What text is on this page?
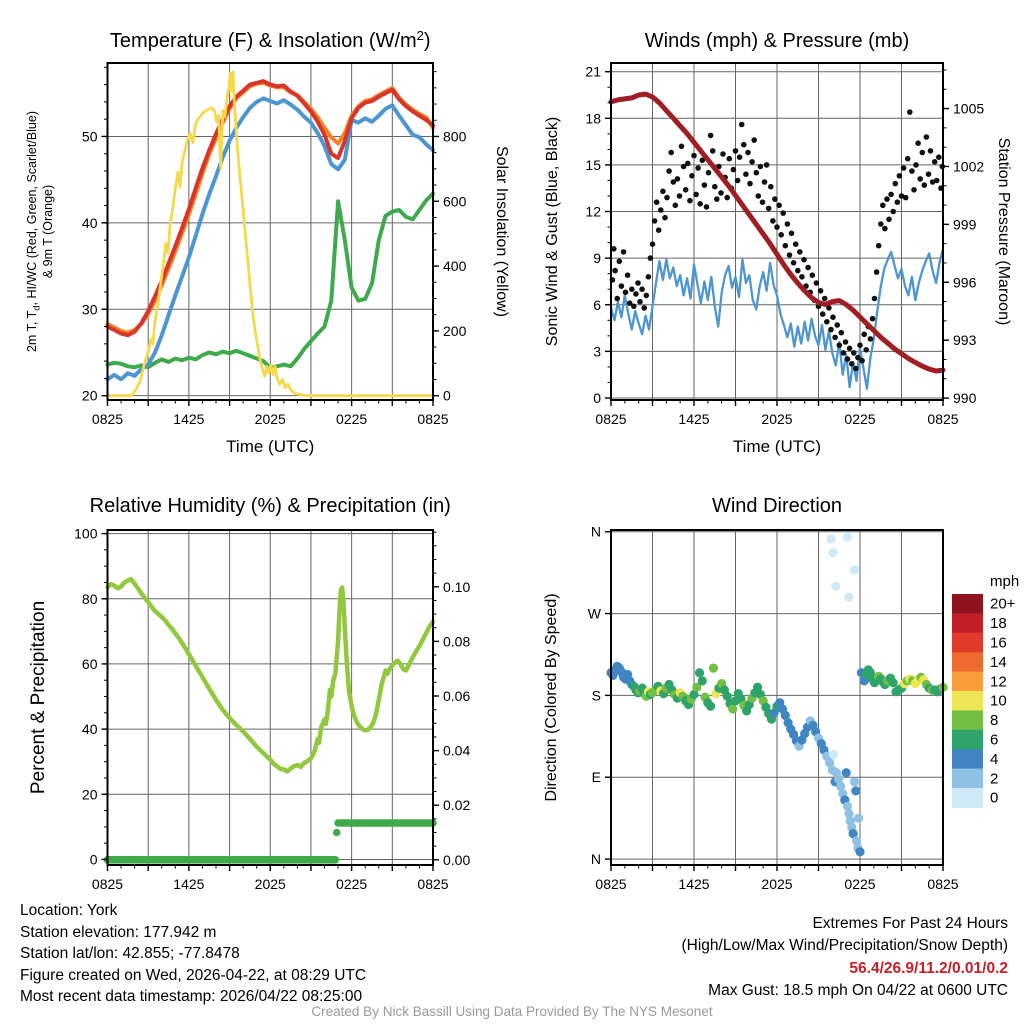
0825	1425	2025	0225	0825
20
30
40
50
0
200
400
600
800
Time (UTC)
Temperature (F) & Insolation $(W/m^2)$
2m T, $T_d$, HI/WC (Red, Green, Scarlet/Blue) & 9m T (Orange)	Solar Insolation (Yellow)
0825	1425	2025	0225	0825
0
3
6
9
12
15
18
21
990
993
996
999
1002
1005
Time (UTC)
Winds (mph) & Pressure (mb)
Sonic Wind & Gust (Blue, Black)	Station Pressure (Maroon)
0825	1425	2025	0225	0825
0
20
40
60
80
100
0.00
0.02
0.04
0.06
0.08
0.10
Relative Humidity (%) & Precipitation (in)
Percent & Precipitation
0825	1425	2025	0225	0825
N
W
S
E
N
Wind Direction
Direction (Colored By Speed)
mph
20+
18
16
14
12
10
8
6
4
2
0
Location: York
Station elevation: 177.942 m
Station lat/lon: 42.855; -77.8478
Figure created on Wed, 2026-04-22, at 08:29 UTC
Most recent data timestamp: 2026/04/22 08:25:00
Extremes For Past 24 Hours
(High/Low/Max Wind/Precipitation/Snow Depth)
56.4/26.9/11.2/0.01/0.2
Max Gust: 18.5 mph On 04/22 at 0600 UTC
Created By Nick Bassill Using Data Provided By The NYS Mesonet
